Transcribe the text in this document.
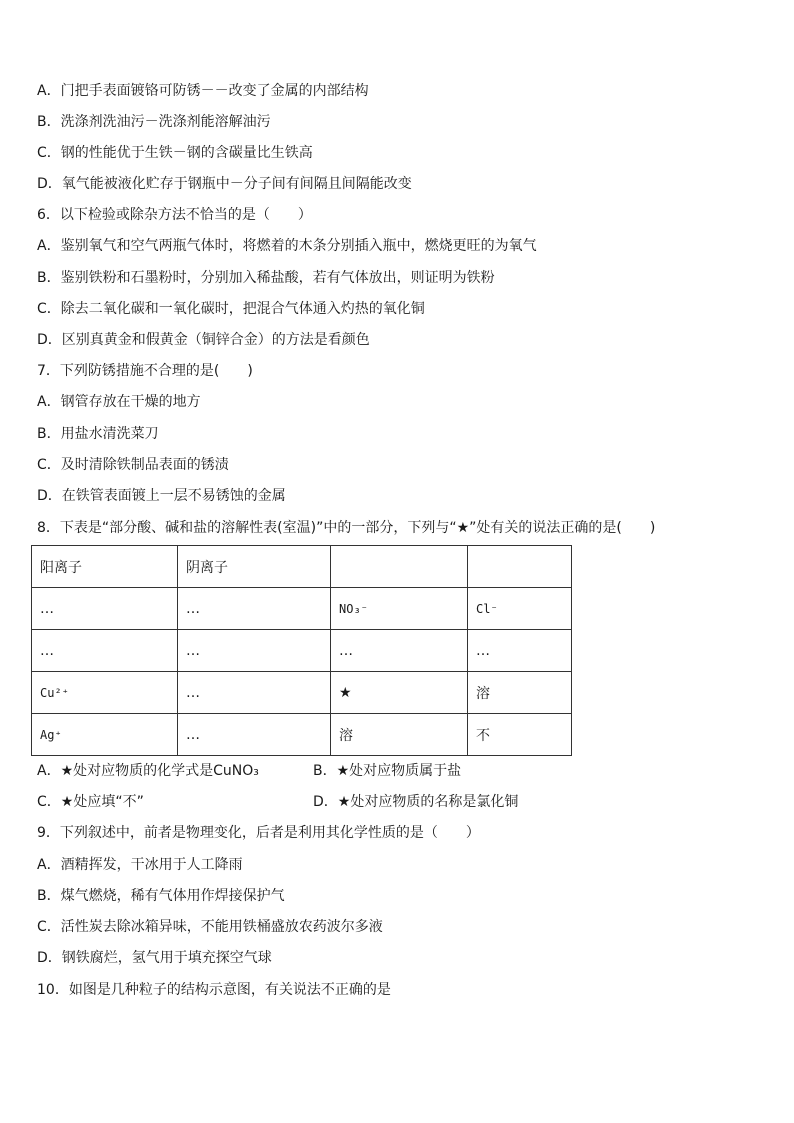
A．门把手表面镀铬可防锈－－改变了金属的内部结构
B．洗涤剂洗油污－洗涤剂能溶解油污
C．钢的性能优于生铁－钢的含碳量比生铁高
D．氧气能被液化贮存于钢瓶中－分子间有间隔且间隔能改变
6．以下检验或除杂方法不恰当的是（　　）
A．鉴别氧气和空气两瓶气体时，将燃着的木条分别插入瓶中，燃烧更旺的为氧气
B．鉴别铁粉和石墨粉时，分别加入稀盐酸，若有气体放出，则证明为铁粉
C．除去二氧化碳和一氧化碳时，把混合气体通入灼热的氧化铜
D．区别真黄金和假黄金（铜锌合金）的方法是看颜色
7．下列防锈措施不合理的是(　　)
A．钢管存放在干燥的地方
B．用盐水清洗菜刀
C．及时清除铁制品表面的锈渍
D．在铁管表面镀上一层不易锈蚀的金属
8．下表是“部分酸、碱和盐的溶解性表(室温)”中的一部分，下列与“★”处有关的说法正确的是(　　)
阳离子	阴离子		
…	…	NO₃⁻	Cl⁻
…	…	…	…
Cu²⁺	…	★	溶
Ag⁺	…	溶	不
A．★处对应物质的化学式是CuNO₃	B．★处对应物质属于盐
C．★处应填“不”	D．★处对应物质的名称是氯化铜
9．下列叙述中，前者是物理变化，后者是利用其化学性质的是（　　）
A．酒精挥发，干冰用于人工降雨
B．煤气燃烧，稀有气体用作焊接保护气
C．活性炭去除冰箱异味，不能用铁桶盛放农药波尔多液
D．钢铁腐烂，氢气用于填充探空气球
10．如图是几种粒子的结构示意图，有关说法不正确的是
